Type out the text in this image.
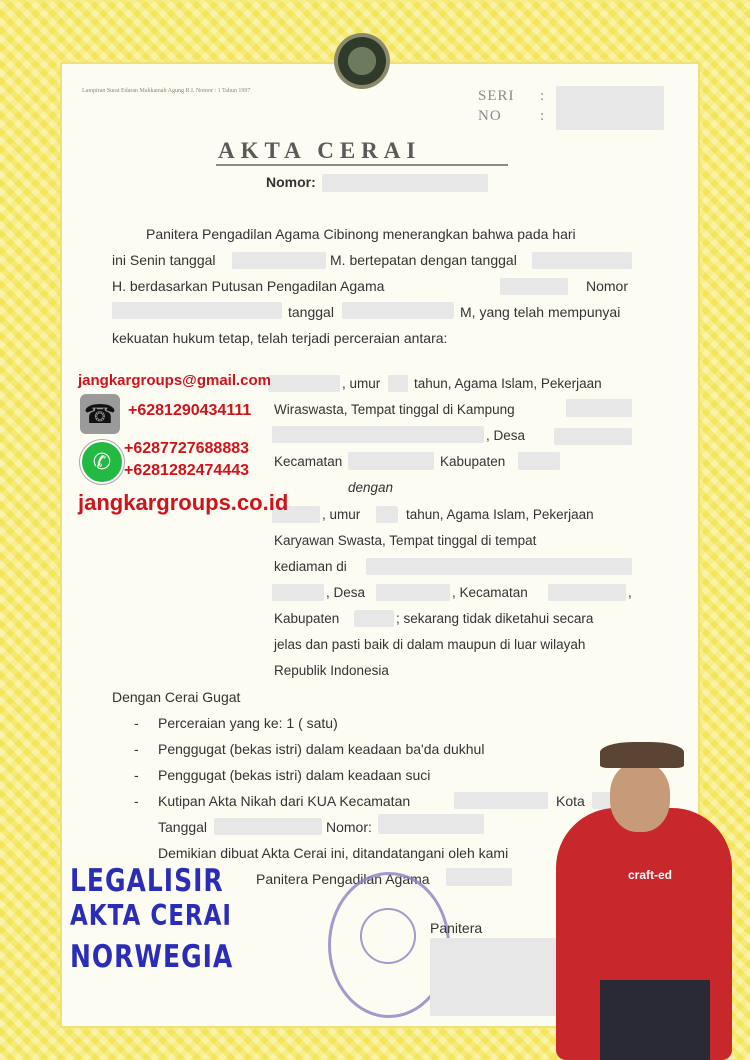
Lampiran Surat Edaran Mahkamah Agung R.I. Nomor : 1 Tahun 1997	SERI :
NO	:
AKTA CERAI
Nomor:
Panitera Pengadilan Agama Cibinong menerangkan bahwa pada hari
ini Senin tanggal	M. bertepatan dengan tanggal
H. berdasarkan Putusan Pengadilan Agama	Nomor
tanggal	M, yang telah mempunyai
kekuatan hukum tetap, telah terjadi perceraian antara:
, umur tahun, Agama Islam, Pekerjaan
Wiraswasta, Tempat tinggal di Kampung
, Desa
Kecamatan	Kabupaten
dengan
, umur	tahun, Agama Islam, Pekerjaan
Karyawan Swasta, Tempat tinggal di tempat
kediaman di
, Desa	, Kecamatan	,
Kabupaten	; sekarang tidak diketahui secara
jelas dan pasti baik di dalam maupun di luar wilayah
Republik Indonesia
Dengan Cerai Gugat
- Perceraian yang ke: 1 ( satu)
- Penggugat (bekas istri) dalam keadaan ba'da dukhul
- Penggugat (bekas istri) dalam keadaan suci
- Kutipan Akta Nikah dari KUA Kecamatan	Kota
Tanggal	Nomor:
Demikian dibuat Akta Cerai ini, ditandatangani oleh kami
Panitera Pengadilan Agama
Panitera
jangkargroups@gmail.com
☎ +6281290434111
✆
+6287727688883
+6281282474443
jangkargroups.co.id
LEGALISIR
AKTA CERAI
NORWEGIA
craft-ed
